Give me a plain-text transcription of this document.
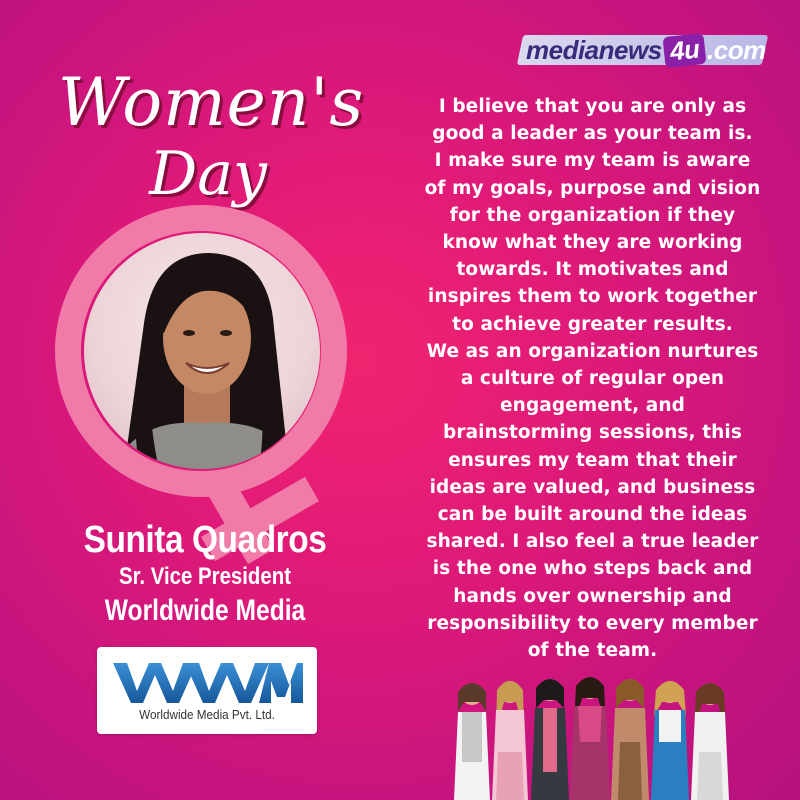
medianews 4u .com
Women's
Day
Sunita Quadros
Sr. Vice President
Worldwide Media
Worldwide Media Pvt. Ltd.
I believe that you are only as
good a leader as your team is.
I make sure my team is aware
of my goals, purpose and vision
for the organization if they
know what they are working
towards. It motivates and
inspires them to work together
to achieve greater results.
We as an organization nurtures
a culture of regular open
engagement, and
brainstorming sessions, this
ensures my team that their
ideas are valued, and business
can be built around the ideas
shared. I also feel a true leader
is the one who steps back and
hands over ownership and
responsibility to every member
of the team.
